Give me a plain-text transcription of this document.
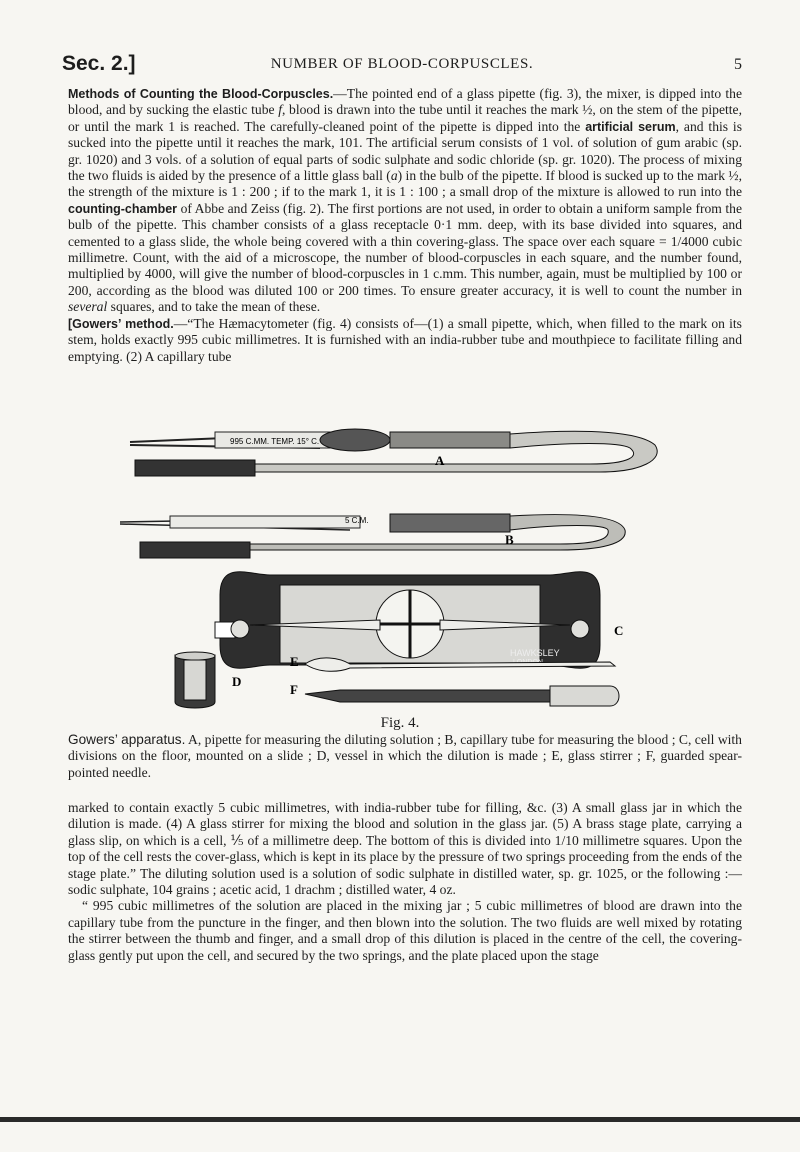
Sec. 2.]	NUMBER OF BLOOD-CORPUSCLES.	5

Methods of Counting the Blood-Corpuscles.—The pointed end of a glass pipette (fig. 3), the mixer, is dipped into the blood, and by sucking the elastic tube f, blood is drawn into the tube until it reaches the mark ½, on the stem of the pipette, or until the mark 1 is reached. The carefully-cleaned point of the pipette is dipped into the artificial serum, and this is sucked into the pipette until it reaches the mark, 101. The artificial serum consists of 1 vol. of solution of gum arabic (sp. gr. 1020) and 3 vols. of a solution of equal parts of sodic sulphate and sodic chloride (sp. gr. 1020). The process of mixing the two fluids is aided by the presence of a little glass ball (a) in the bulb of the pipette. If blood is sucked up to the mark ½, the strength of the mixture is 1 : 200 ; if to the mark 1, it is 1 : 100 ; a small drop of the mixture is allowed to run into the counting-chamber of Abbe and Zeiss (fig. 2). The first portions are not used, in order to obtain a uniform sample from the bulb of the pipette. This chamber consists of a glass receptacle 0·1 mm. deep, with its base divided into squares, and cemented to a glass slide, the whole being covered with a thin covering-glass. The space over each square = 1/4000 cubic millimetre. Count, with the aid of a microscope, the number of blood-corpuscles in each square, and the number found, multiplied by 4000, will give the number of blood-corpuscles in 1 c.mm. This number, again, must be multiplied by 100 or 200, according as the blood was diluted 100 or 200 times. To ensure greater accuracy, it is well to count the number in several squares, and to take the mean of these.

[Gowers’ method.—“The Hæmacytometer (fig. 4) consists of—(1) a small pipette, which, when filled to the mark on its stem, holds exactly 995 cubic millimetres. It is furnished with an india-rubber tube and mouthpiece to facilitate filling and emptying. (2) A capillary tube

995 C.MM. TEMP. 15° C.
A
5 C.M.
B
HAWKSLEY
C
D
E
F
Fig. 4.
Gowers’ apparatus. A, pipette for measuring the diluting solution ; B, capillary tube for measuring the blood ; C, cell with divisions on the floor, mounted on a slide ; D, vessel in which the dilution is made ; E, glass stirrer ; F, guarded spear-pointed needle.

marked to contain exactly 5 cubic millimetres, with india-rubber tube for filling, &c. (3) A small glass jar in which the dilution is made. (4) A glass stirrer for mixing the blood and solution in the glass jar. (5) A brass stage plate, carrying a glass slip, on which is a cell, ⅕ of a millimetre deep. The bottom of this is divided into 1/10 millimetre squares. Upon the top of the cell rests the cover-glass, which is kept in its place by the pressure of two springs proceeding from the ends of the stage plate.” The diluting solution used is a solution of sodic sulphate in distilled water, sp. gr. 1025, or the following :—sodic sulphate, 104 grains ; acetic acid, 1 drachm ; distilled water, 4 oz.

“ 995 cubic millimetres of the solution are placed in the mixing jar ; 5 cubic millimetres of blood are drawn into the capillary tube from the puncture in the finger, and then blown into the solution. The two fluids are well mixed by rotating the stirrer between the thumb and finger, and a small drop of this dilution is placed in the centre of the cell, the covering-glass gently put upon the cell, and secured by the two springs, and the plate placed upon the stage
